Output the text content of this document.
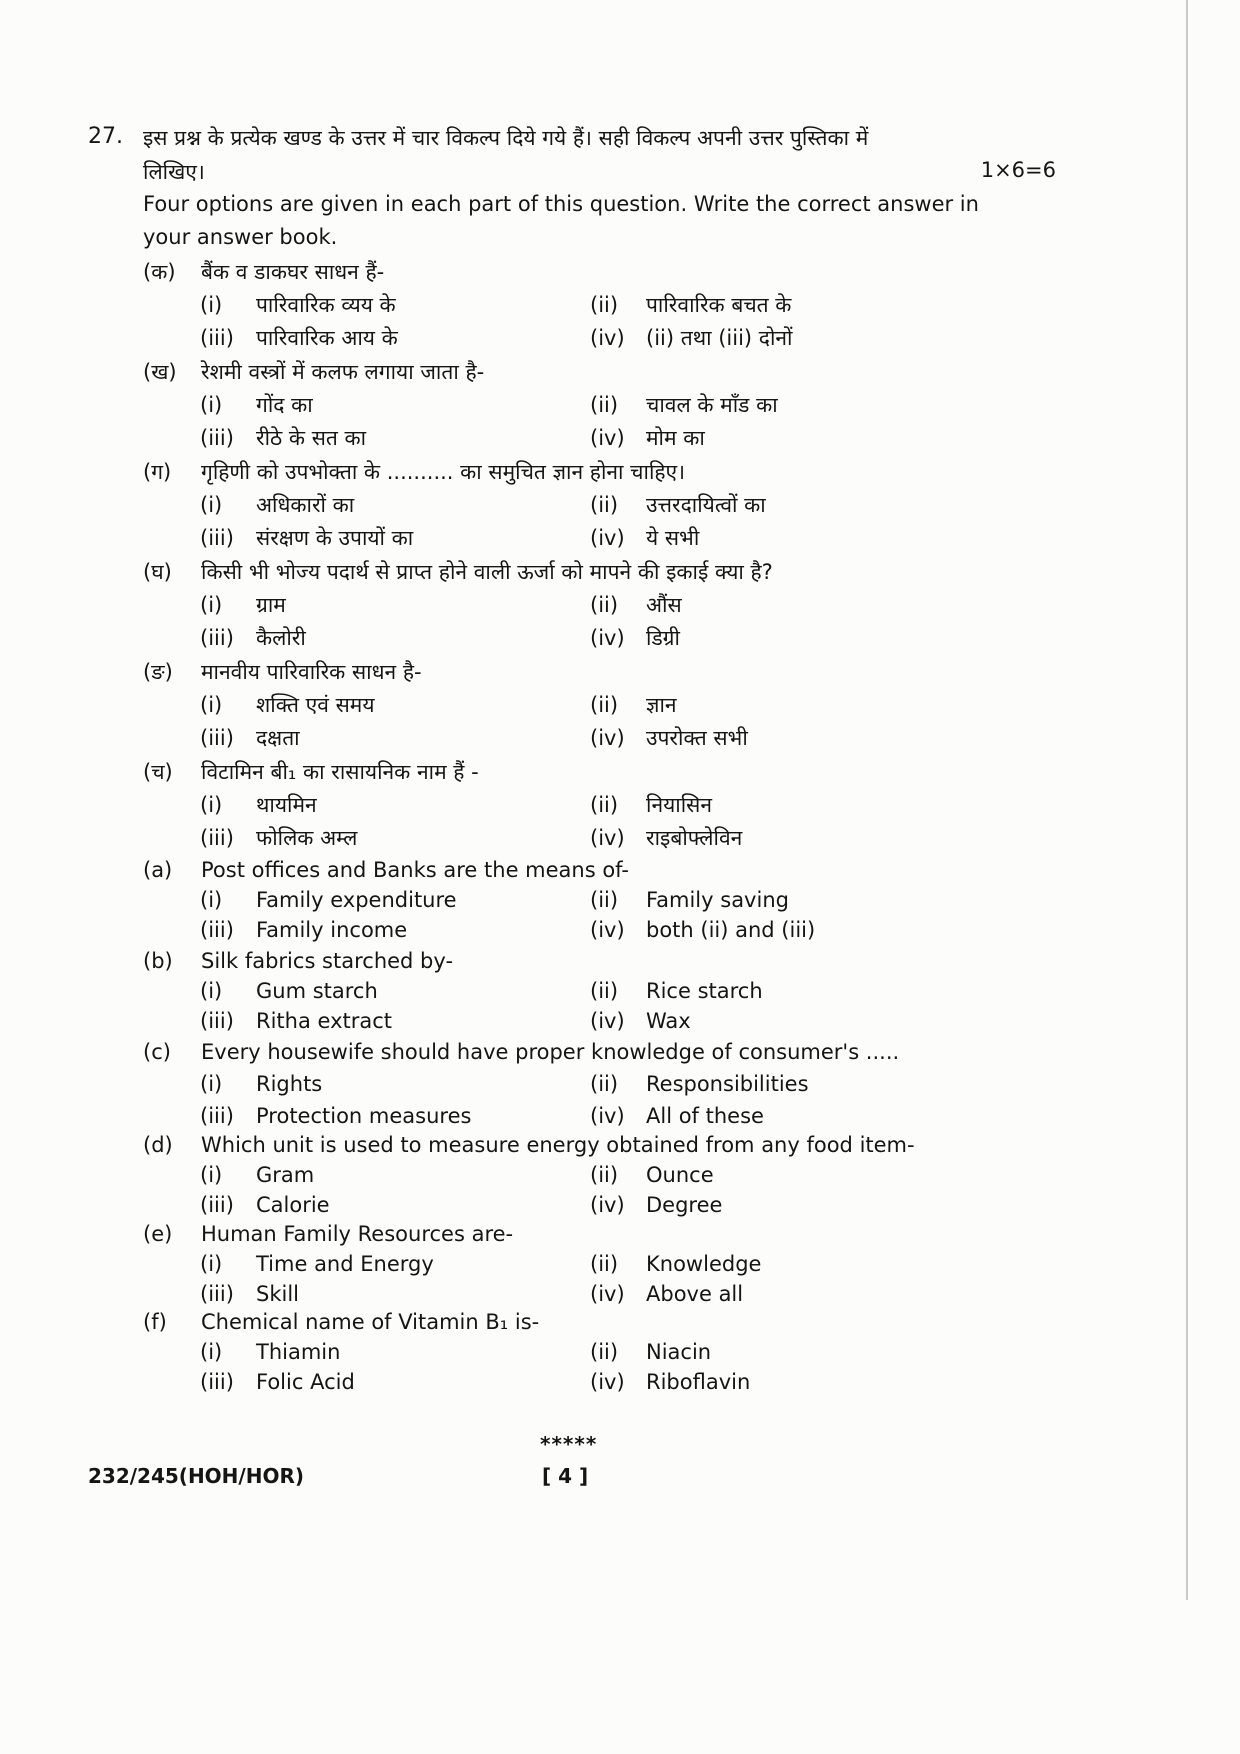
27. इस प्रश्न के प्रत्येक खण्ड के उत्तर में चार विकल्प दिये गये हैं। सही विकल्प अपनी उत्तर पुस्तिका में
लिखिए।	1×6=6
Four options are given in each part of this question. Write the correct answer in
your answer book.
(क) बैंक व डाकघर साधन हैं-
(i) पारिवारिक व्यय के	(ii) पारिवारिक बचत के
(iii) पारिवारिक आय के	(iv) (ii) तथा (iii) दोनों
(ख) रेशमी वस्त्रों में कलफ लगाया जाता है-
(i) गोंद का	(ii) चावल के माँड का
(iii) रीठे के सत का	(iv) मोम का
(ग) गृहिणी को उपभोक्ता के .......... का समुचित ज्ञान होना चाहिए।
(i) अधिकारों का	(ii) उत्तरदायित्वों का
(iii) संरक्षण के उपायों का	(iv) ये सभी
(घ) किसी भी भोज्य पदार्थ से प्राप्त होने वाली ऊर्जा को मापने की इकाई क्या है?
(i) ग्राम	(ii) औंस
(iii) कैलोरी	(iv) डिग्री
(ङ) मानवीय पारिवारिक साधन है-
(i) शक्ति एवं समय	(ii) ज्ञान
(iii) दक्षता	(iv) उपरोक्त सभी
(च) विटामिन बी₁ का रासायनिक नाम हैं -
(i) थायमिन	(ii) नियासिन
(iii) फोलिक अम्ल	(iv) राइबोफ्लेविन
(a) Post offices and Banks are the means of-
(i) Family expenditure	(ii) Family saving
(iii) Family income	(iv) both (ii) and (iii)
(b) Silk fabrics starched by-
(i) Gum starch	(ii) Rice starch
(iii) Ritha extract	(iv) Wax
(c) Every housewife should have proper knowledge of consumer's .....
(i) Rights	(ii) Responsibilities
(iii) Protection measures	(iv) All of these
(d) Which unit is used to measure energy obtained from any food item-
(i) Gram	(ii) Ounce
(iii) Calorie	(iv) Degree
(e) Human Family Resources are-
(i) Time and Energy	(ii) Knowledge
(iii) Skill	(iv) Above all
(f) Chemical name of Vitamin B₁ is-
(i) Thiamin	(ii) Niacin
(iii) Folic Acid	(iv) Riboflavin
*****
232/245(HOH/HOR)	[ 4 ]
